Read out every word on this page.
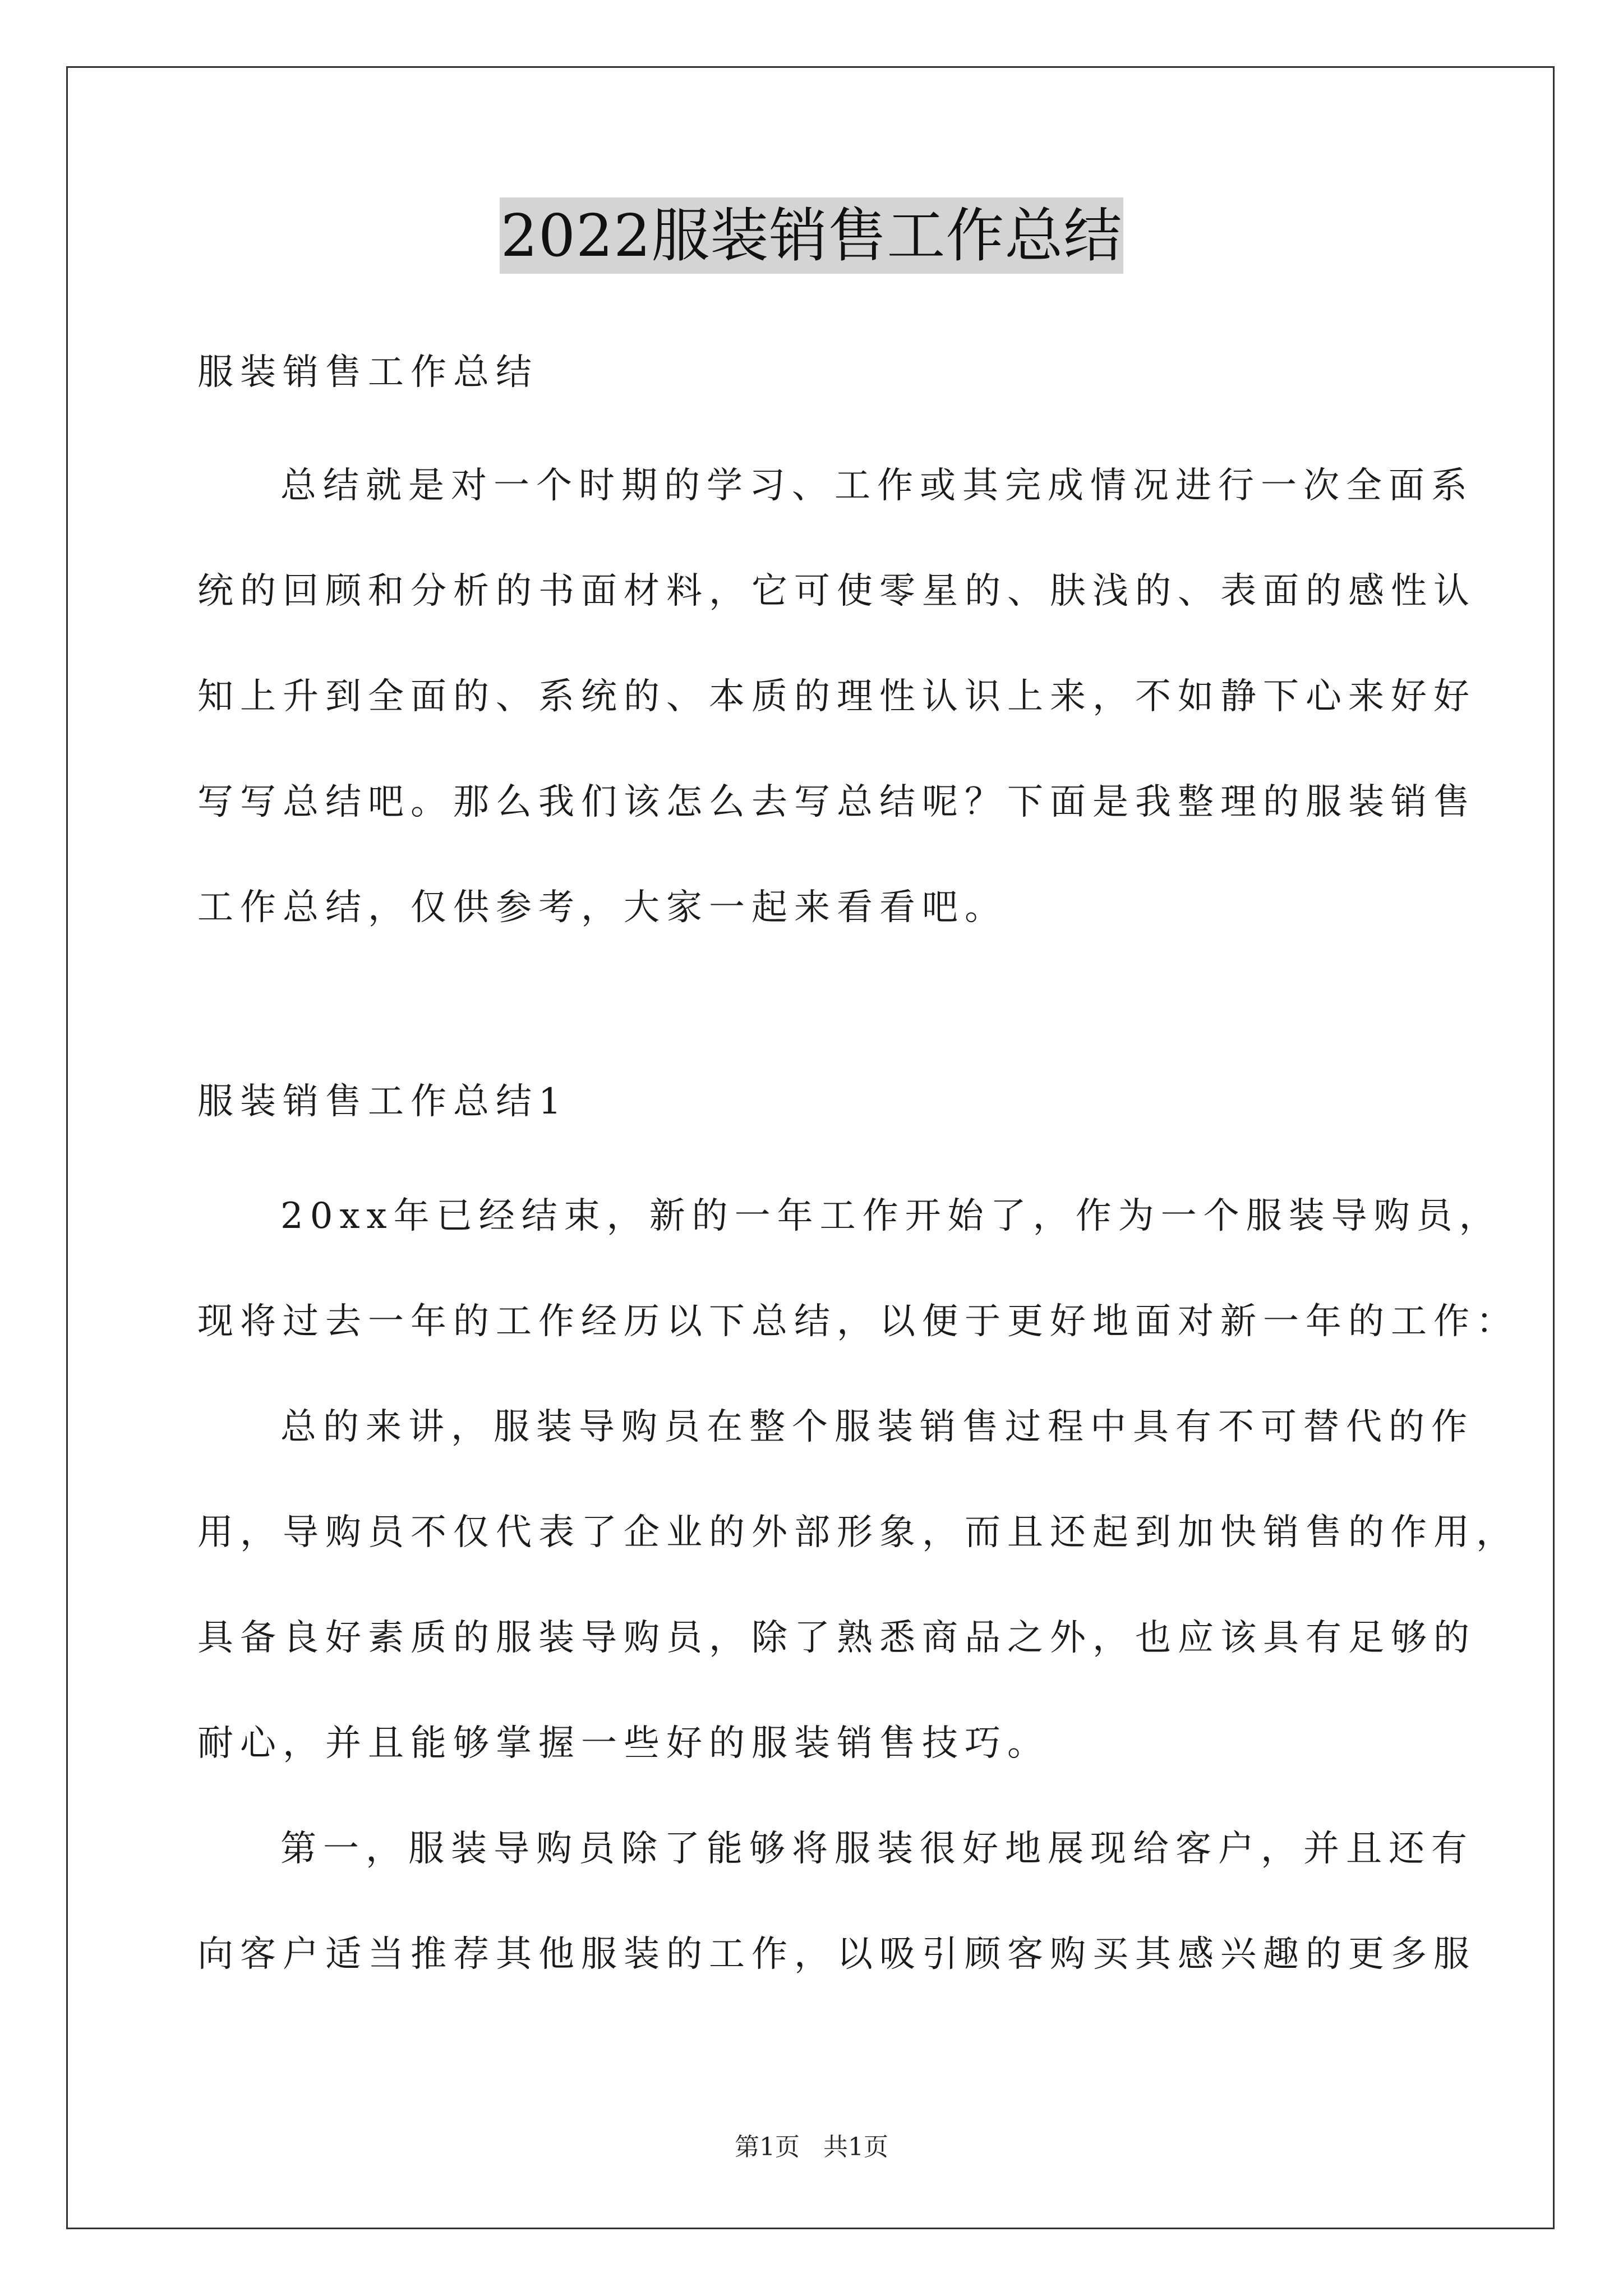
2022服装销售工作总结
服装销售工作总结
总结就是对一个时期的学习、工作或其完成情况进行一次全面系
统的回顾和分析的书面材料，它可使零星的、肤浅的、表面的感性认
知上升到全面的、系统的、本质的理性认识上来，不如静下心来好好
写写总结吧。那么我们该怎么去写总结呢？下面是我整理的服装销售
工作总结，仅供参考，大家一起来看看吧。
服装销售工作总结1
20xx年已经结束，新的一年工作开始了，作为一个服装导购员，
现将过去一年的工作经历以下总结，以便于更好地面对新一年的工作：
总的来讲，服装导购员在整个服装销售过程中具有不可替代的作
用，导购员不仅代表了企业的外部形象，而且还起到加快销售的作用，
具备良好素质的服装导购员，除了熟悉商品之外，也应该具有足够的
耐心，并且能够掌握一些好的服装销售技巧。
第一，服装导购员除了能够将服装很好地展现给客户，并且还有
向客户适当推荐其他服装的工作，以吸引顾客购买其感兴趣的更多服
第1页   共1页
